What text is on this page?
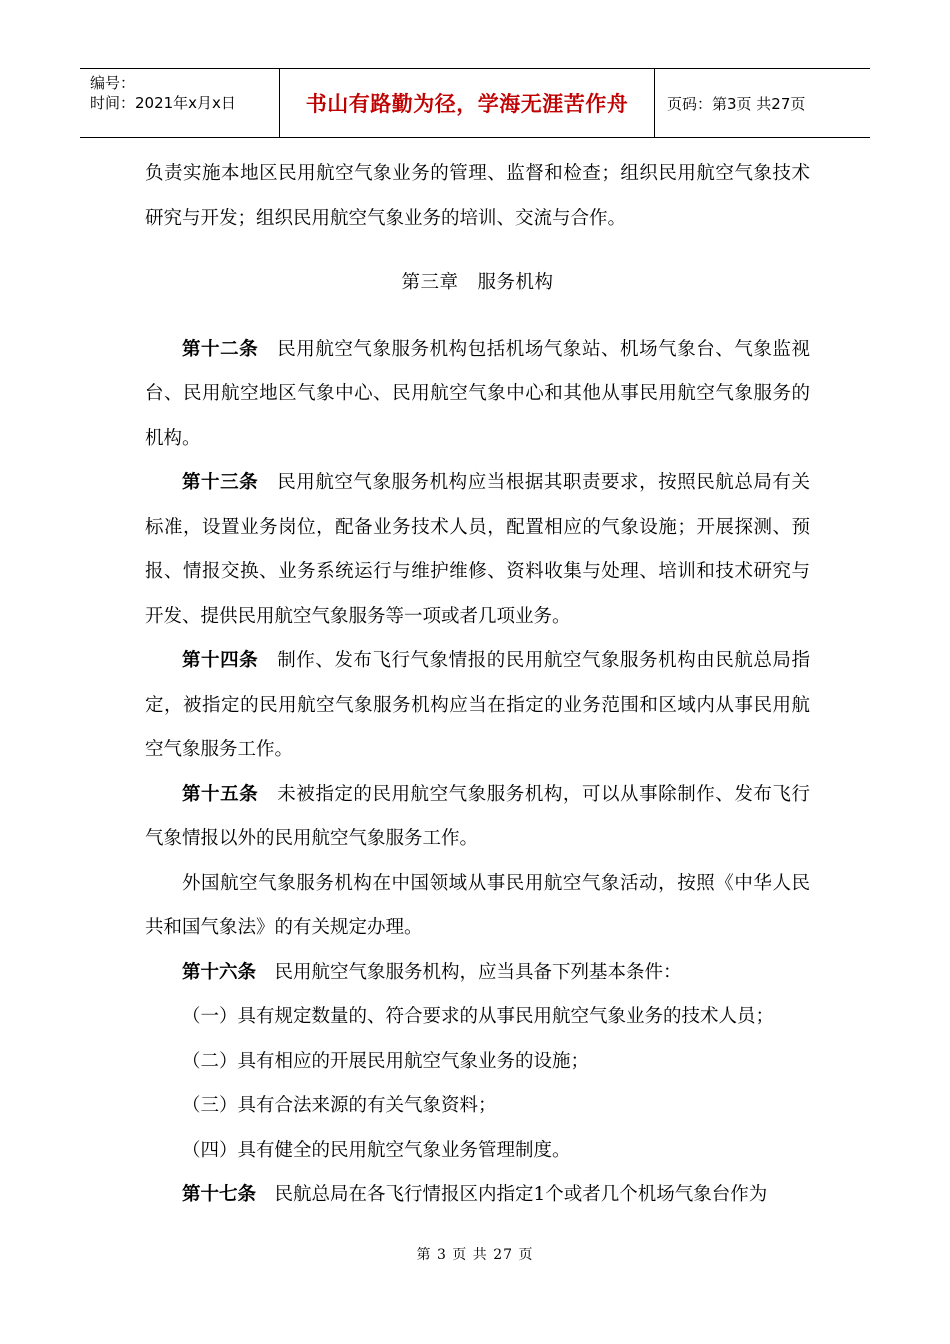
编号：
时间：2021年x月x日	书山有路勤为径，学海无涯苦作舟	页码：第3页 共27页

负责实施本地区民用航空气象业务的管理、监督和检查；组织民用航空气象技术研究与开发；组织民用航空气象业务的培训、交流与合作。

第三章　服务机构

第十二条　 民用航空气象服务机构包括机场气象站、机场气象台、气象监视台、民用航空地区气象中心、民用航空气象中心和其他从事民用航空气象服务的机构。

第十三条　 民用航空气象服务机构应当根据其职责要求，按照民航总局有关标准，设置业务岗位，配备业务技术人员，配置相应的气象设施；开展探测、预报、情报交换、业务系统运行与维护维修、资料收集与处理、培训和技术研究与开发、提供民用航空气象服务等一项或者几项业务。

第十四条　 制作、发布飞行气象情报的民用航空气象服务机构由民航总局指定，被指定的民用航空气象服务机构应当在指定的业务范围和区域内从事民用航空气象服务工作。

第十五条　 未被指定的民用航空气象服务机构，可以从事除制作、发布飞行气象情报以外的民用航空气象服务工作。

外国航空气象服务机构在中国领域从事民用航空气象活动，按照《中华人民共和国气象法》的有关规定办理。

第十六条　 民用航空气象服务机构，应当具备下列基本条件：

（一）具有规定数量的、符合要求的从事民用航空气象业务的技术人员；

（二）具有相应的开展民用航空气象业务的设施；

（三）具有合法来源的有关气象资料；

（四）具有健全的民用航空气象业务管理制度。

第十七条　 民航总局在各飞行情报区内指定1个或者几个机场气象台作为

第 3 页 共 27 页
